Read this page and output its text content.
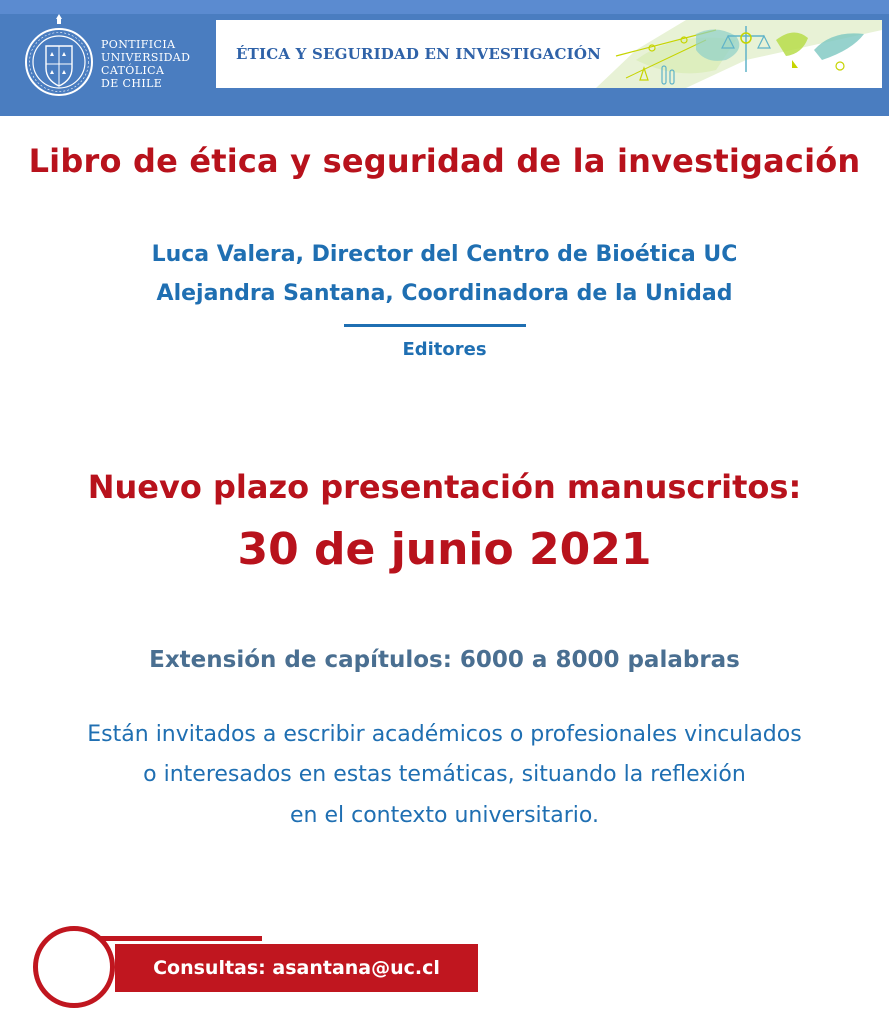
PONTIFICIA
UNIVERSIDAD
CATÓLICA
DE CHILE
ÉTICA Y SEGURIDAD EN INVESTIGACIÓN
Libro de ética y seguridad de la investigación
Luca Valera, Director del Centro de Bioética UC
Alejandra Santana, Coordinadora de la Unidad
Editores
Nuevo plazo presentación manuscritos:
30 de junio 2021
Extensión de capítulos: 6000 a 8000 palabras
Están invitados a escribir académicos o profesionales vinculados
o interesados en estas temáticas, situando la reflexión
en el contexto universitario.
Consultas: asantana@uc.cl
